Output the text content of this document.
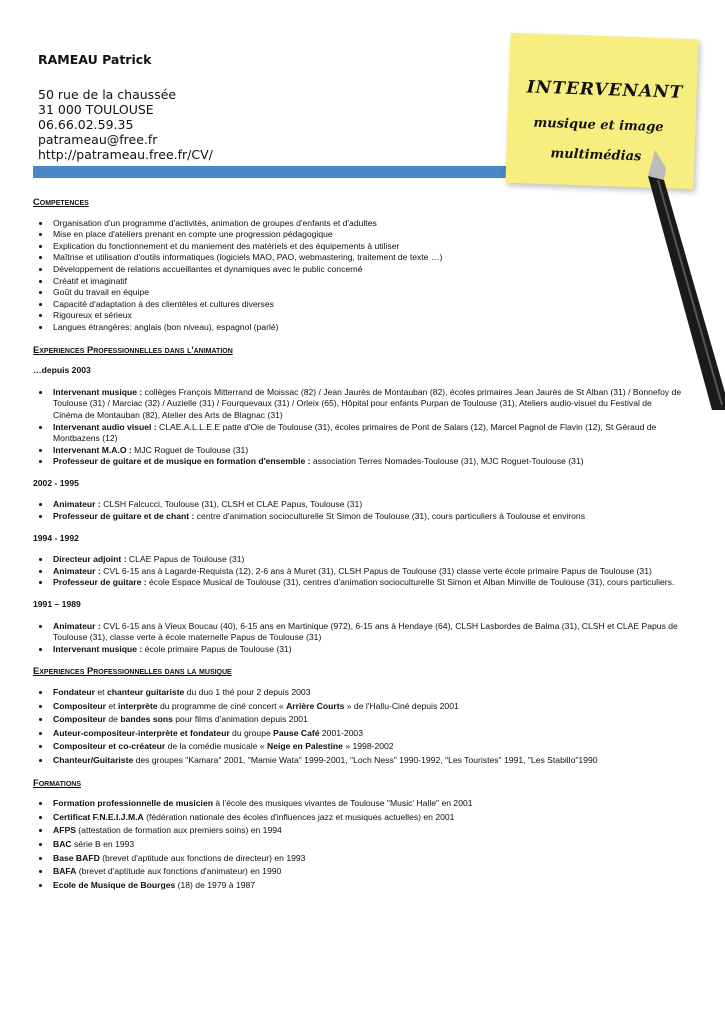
RAMEAU Patrick
50 rue de la chaussée
31 000 TOULOUSE
06.66.02.59.35
patrameau@free.fr
http://patrameau.free.fr/CV/
INTERVENANT
musique et image
multimédias
Competences
• Organisation d'un programme d'activités, animation de groupes d'enfants et d'adultes
• Mise en place d'ateliers prenant en compte une progression pédagogique
• Explication du fonctionnement et du maniement des matériels et des équipements à utiliser
• Maîtrise et utilisation d'outils informatiques (logiciels MAO, PAO, webmastering, traitement de texte …)
• Développement de relations accueillantes et dynamiques avec le public concerné
• Créatif et imaginatif
• Goût du travail en équipe
• Capacité d'adaptation à des clientèles et cultures diverses
• Rigoureux et sérieux
• Langues étrangères: anglais (bon niveau), espagnol (parlé)
Experiences Professionnelles dans l'animation
…depuis 2003
• Intervenant musique : collèges François Mitterrand de Moissac (82) / Jean Jaurès de Montauban (82), écoles primaires Jean Jaurès de St Alban (31) / Bonnefoy de Toulouse (31) / Marciac (32) / Auzielle (31) / Fourquevaux (31) / Orleix (65), Hôpital pour enfants Purpan de Toulouse (31), Ateliers audio-visuel du Festival de Cinéma de Montauban (82), Atelier des Arts de Blagnac (31)
• Intervenant audio visuel : CLAE.A.L.L.E.E patte d'Oie de Toulouse (31), écoles primaires de Pont de Salars (12), Marcel Pagnol de Flavin (12), St Géraud de Montbazens (12)
• Intervenant M.A.O : MJC Roguet de Toulouse (31)
• Professeur de guitare et de musique en formation d'ensemble : association Terres Nomades-Toulouse (31), MJC Roguet-Toulouse (31)
2002 - 1995
• Animateur : CLSH Falcucci, Toulouse (31), CLSH et CLAE Papus, Toulouse (31)
• Professeur de guitare et de chant : centre d'animation socioculturelle St Simon de Toulouse (31), cours particuliers à Toulouse et environs
1994 - 1992
• Directeur adjoint : CLAE Papus de Toulouse (31)
• Animateur : CVL 6-15 ans à Lagarde-Requista (12), 2-6 ans à Muret (31), CLSH Papus de Toulouse (31) classe verte école primaire Papus de Toulouse (31)
• Professeur de guitare : école Espace Musical de Toulouse (31), centres d'animation socioculturelle St Simon et Alban Minville de Toulouse (31), cours particuliers.
1991 – 1989
• Animateur : CVL 6-15 ans à Vieux Boucau (40), 6-15 ans en Martinique (972), 6-15 ans à Hendaye (64), CLSH Lasbordes de Balma (31), CLSH et CLAE Papus de Toulouse (31), classe verte à école maternelle Papus de Toulouse (31)
• Intervenant musique : école primaire Papus de Toulouse (31)
Experiences Professionnelles dans la musique
• Fondateur et chanteur guitariste du duo 1 thé pour 2 depuis 2003
• Compositeur et interprète du programme de ciné concert « Arrière Courts » de l'Hallu-Ciné depuis 2001
• Compositeur de bandes sons pour films d'animation depuis 2001
• Auteur-compositeur-interprète et fondateur du groupe Pause Café 2001-2003
• Compositeur et co-créateur de la comédie musicale « Neige en Palestine » 1998-2002
• Chanteur/Guitariste des groupes "Kamara" 2001, "Mamie Wata" 1999-2001, "Loch Ness" 1990-1992, "Les Touristes" 1991, "Les Stabillo"1990
Formations
• Formation professionnelle de musicien à l'école des musiques vivantes de Toulouse "Music' Halle" en 2001
• Certificat F.N.E.I.J.M.A (fédération nationale des écoles d'influences jazz et musiques actuelles) en 2001
• AFPS (attestation de formation aux premiers soins) en 1994
• BAC série B en 1993
• Base BAFD (brevet d'aptitude aux fonctions de directeur) en 1993
• BAFA (brevet d'aptitude aux fonctions d'animateur) en 1990
• Ecole de Musique de Bourges (18) de 1979 à 1987
